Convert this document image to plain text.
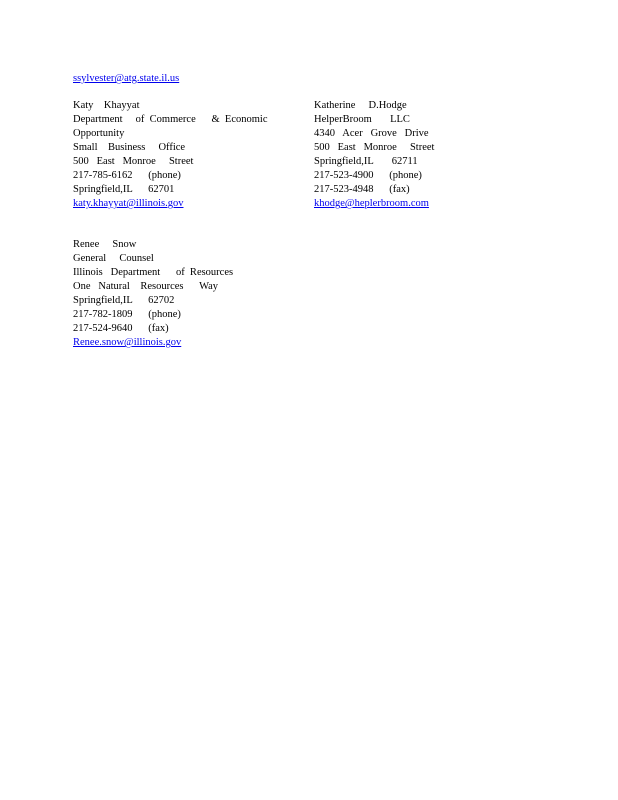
ssylvester@atg.state.il.us
Katy    Khayyat
Department     of  Commerce      &  Economic
Opportunity
Small    Business     Office
500   East   Monroe     Street
217-785-6162      (phone)
Springfield,IL      62701
katy.khayyat@illinois.gov
Katherine     D.Hodge
HelperBroom       LLC
4340   Acer   Grove   Drive
500   East   Monroe     Street
Springfield,IL       62711
217-523-4900      (phone)
217-523-4948      (fax)
khodge@heplerbroom.com
Renee     Snow
General     Counsel
Illinois   Department      of  Resources
One   Natural    Resources      Way
Springfield,IL      62702
217-782-1809      (phone)
217-524-9640      (fax)
Renee.snow@illinois.gov
